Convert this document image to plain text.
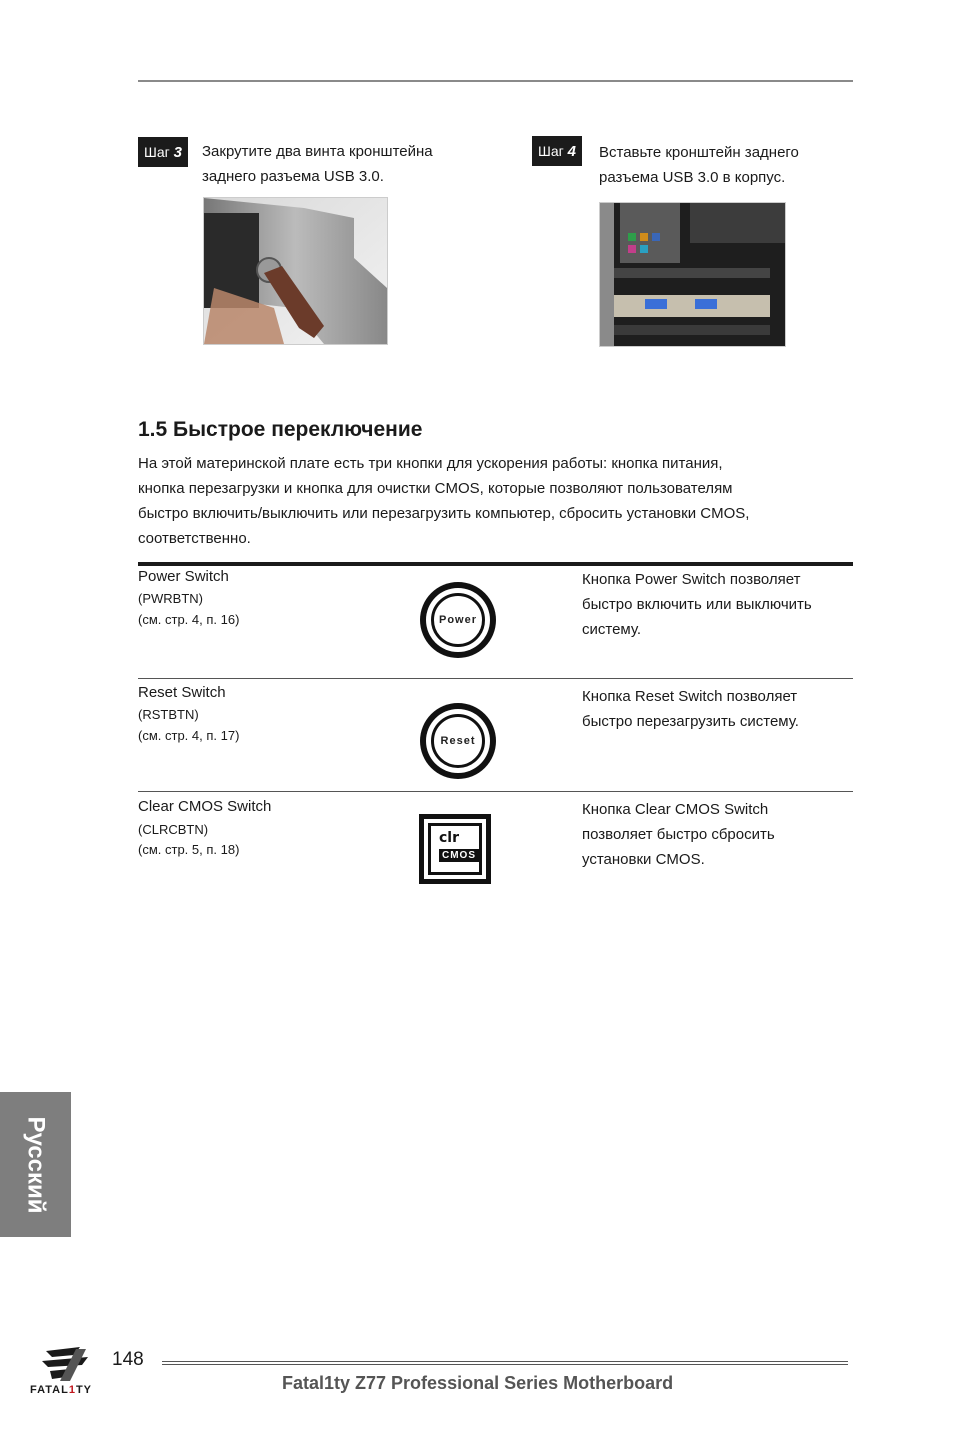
Шаг 3	Закрутите два винта кронштейна
заднего разъема USB 3.0.
Шаг 4	Вставьте кронштейн заднего
разъема USB 3.0 в корпус.
1.5 Быстрое переключение
На этой материнской плате есть три кнопки для ускорения работы: кнопка питания,
кнопка перезагрузки и кнопка для очистки CMOS, которые позволяют пользователям
быстро включить/выключить или перезагрузить компьютер, сбросить установки CMOS,
соответственно.
Power Switch
(PWRBTN)
(см. стр. 4, п. 16)	Power
Кнопка Power Switch позволяет
быстро включить или выключить
систему.
Reset Switch
(RSTBTN)
(см. стр. 4, п. 17)	Reset
Кнопка Reset Switch позволяет
быстро перезагрузить систему.
Clear CMOS Switch
(CLRCBTN)
(см. стр. 5, п. 18)
clr
CMOS
Кнопка Clear CMOS Switch
позволяет быстро сбросить
установки CMOS.
Русский
FATAL1TY
148
Fatal1ty Z77 Professional Series Motherboard
